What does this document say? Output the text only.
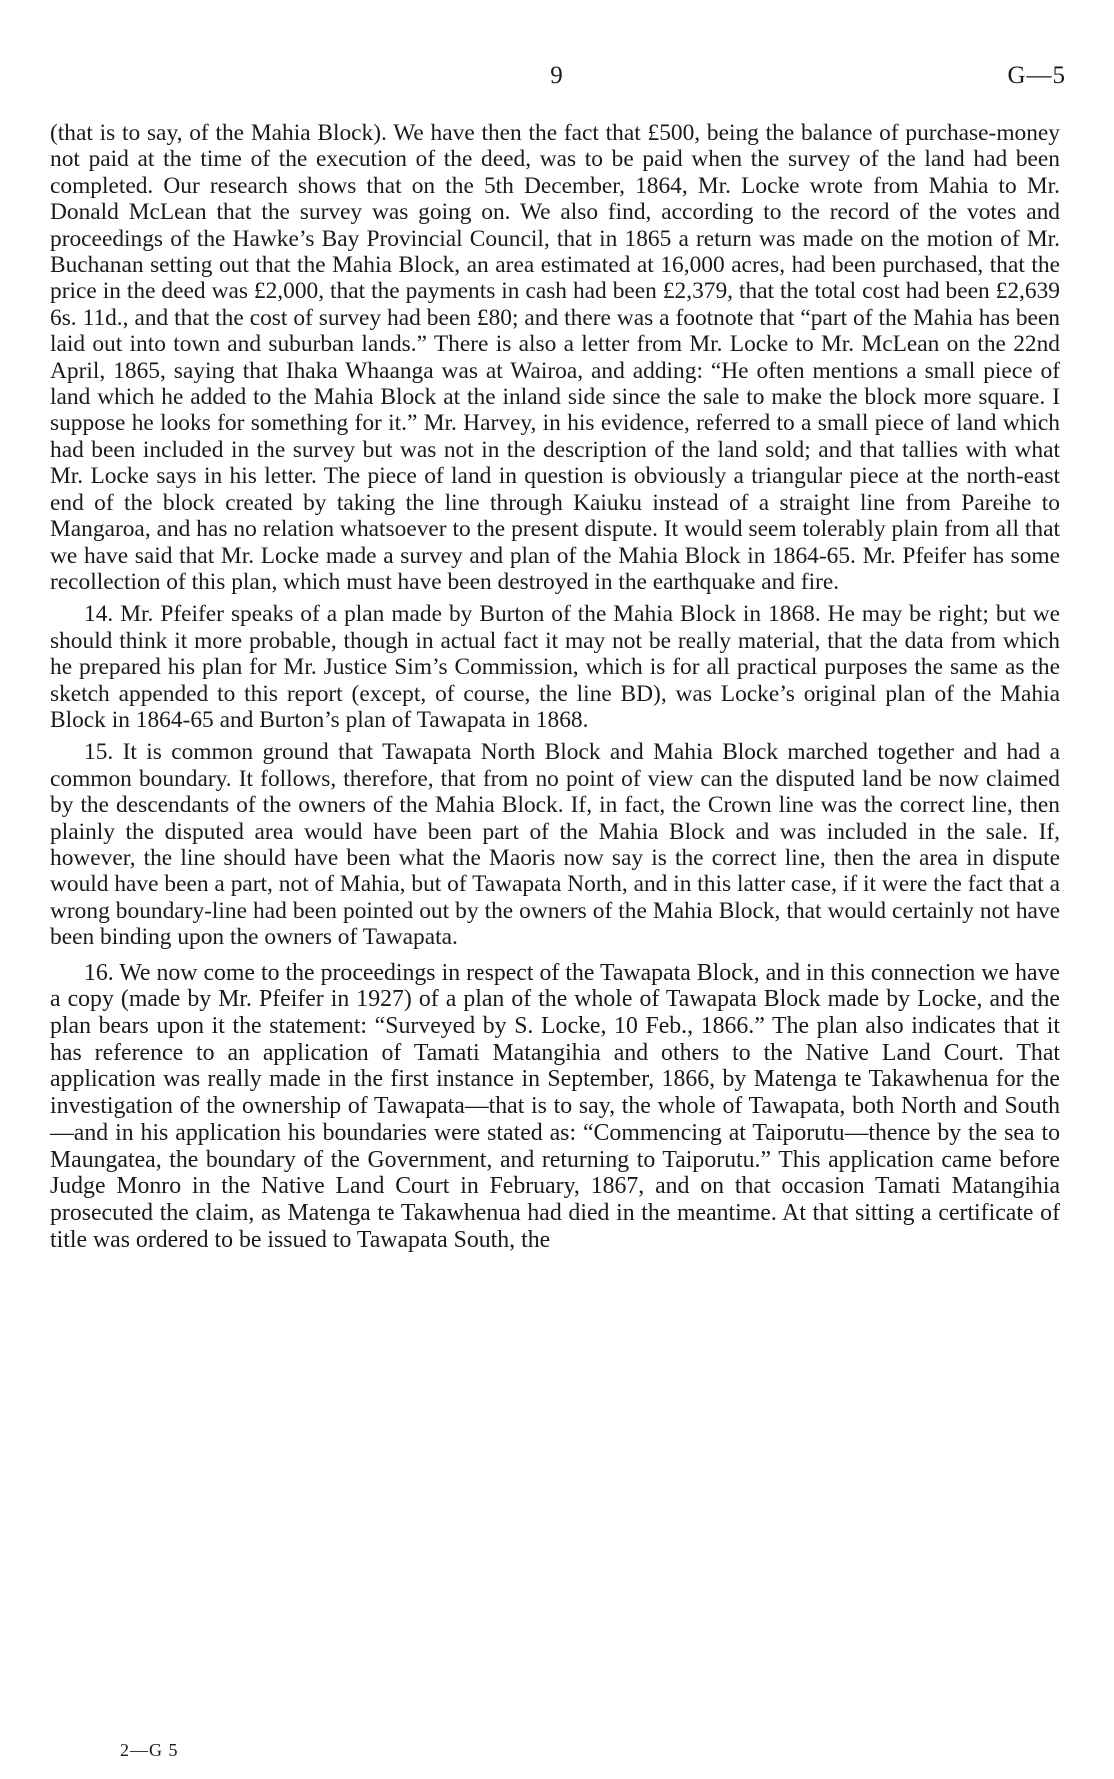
9	G—5

(that is to say, of the Mahia Block). We have then the fact that £500, being the balance of purchase-money not paid at the time of the execution of the deed, was to be paid when the survey of the land had been completed. Our research shows that on the 5th December, 1864, Mr. Locke wrote from Mahia to Mr. Donald McLean that the survey was going on. We also find, according to the record of the votes and proceedings of the Hawke’s Bay Provincial Council, that in 1865 a return was made on the motion of Mr. Buchanan setting out that the Mahia Block, an area estimated at 16,000 acres, had been purchased, that the price in the deed was £2,000, that the payments in cash had been £2,379, that the total cost had been £2,639 6s. 11d., and that the cost of survey had been £80; and there was a footnote that “part of the Mahia has been laid out into town and suburban lands.” There is also a letter from Mr. Locke to Mr. McLean on the 22nd April, 1865, saying that Ihaka Whaanga was at Wairoa, and adding: “He often mentions a small piece of land which he added to the Mahia Block at the inland side since the sale to make the block more square. I suppose he looks for something for it.” Mr. Harvey, in his evidence, referred to a small piece of land which had been included in the survey but was not in the description of the land sold; and that tallies with what Mr. Locke says in his letter. The piece of land in question is obviously a triangular piece at the north-east end of the block created by taking the line through Kaiuku instead of a straight line from Pareihe to Mangaroa, and has no relation whatsoever to the present dispute. It would seem tolerably plain from all that we have said that Mr. Locke made a survey and plan of the Mahia Block in 1864-65. Mr. Pfeifer has some recollection of this plan, which must have been destroyed in the earthquake and fire.

14. Mr. Pfeifer speaks of a plan made by Burton of the Mahia Block in 1868. He may be right; but we should think it more probable, though in actual fact it may not be really material, that the data from which he prepared his plan for Mr. Justice Sim’s Commission, which is for all practical purposes the same as the sketch appended to this report (except, of course, the line BD), was Locke’s original plan of the Mahia Block in 1864-65 and Burton’s plan of Tawapata in 1868.

15. It is common ground that Tawapata North Block and Mahia Block marched together and had a common boundary. It follows, therefore, that from no point of view can the disputed land be now claimed by the descendants of the owners of the Mahia Block. If, in fact, the Crown line was the correct line, then plainly the disputed area would have been part of the Mahia Block and was included in the sale. If, however, the line should have been what the Maoris now say is the correct line, then the area in dispute would have been a part, not of Mahia, but of Tawapata North, and in this latter case, if it were the fact that a wrong boundary-line had been pointed out by the owners of the Mahia Block, that would certainly not have been binding upon the owners of Tawapata.

16. We now come to the proceedings in respect of the Tawapata Block, and in this connection we have a copy (made by Mr. Pfeifer in 1927) of a plan of the whole of Tawapata Block made by Locke, and the plan bears upon it the statement: “Surveyed by S. Locke, 10 Feb., 1866.” The plan also indicates that it has reference to an application of Tamati Matangihia and others to the Native Land Court. That application was really made in the first instance in September, 1866, by Matenga te Takawhenua for the investigation of the ownership of Tawapata—that is to say, the whole of Tawapata, both North and South—and in his application his boundaries were stated as: “Commencing at Taiporutu—thence by the sea to Maungatea, the boundary of the Government, and returning to Taiporutu.” This application came before Judge Monro in the Native Land Court in February, 1867, and on that occasion Tamati Matangihia prosecuted the claim, as Matenga te Takawhenua had died in the meantime. At that sitting a certificate of title was ordered to be issued to Tawapata South, the

2—G 5
